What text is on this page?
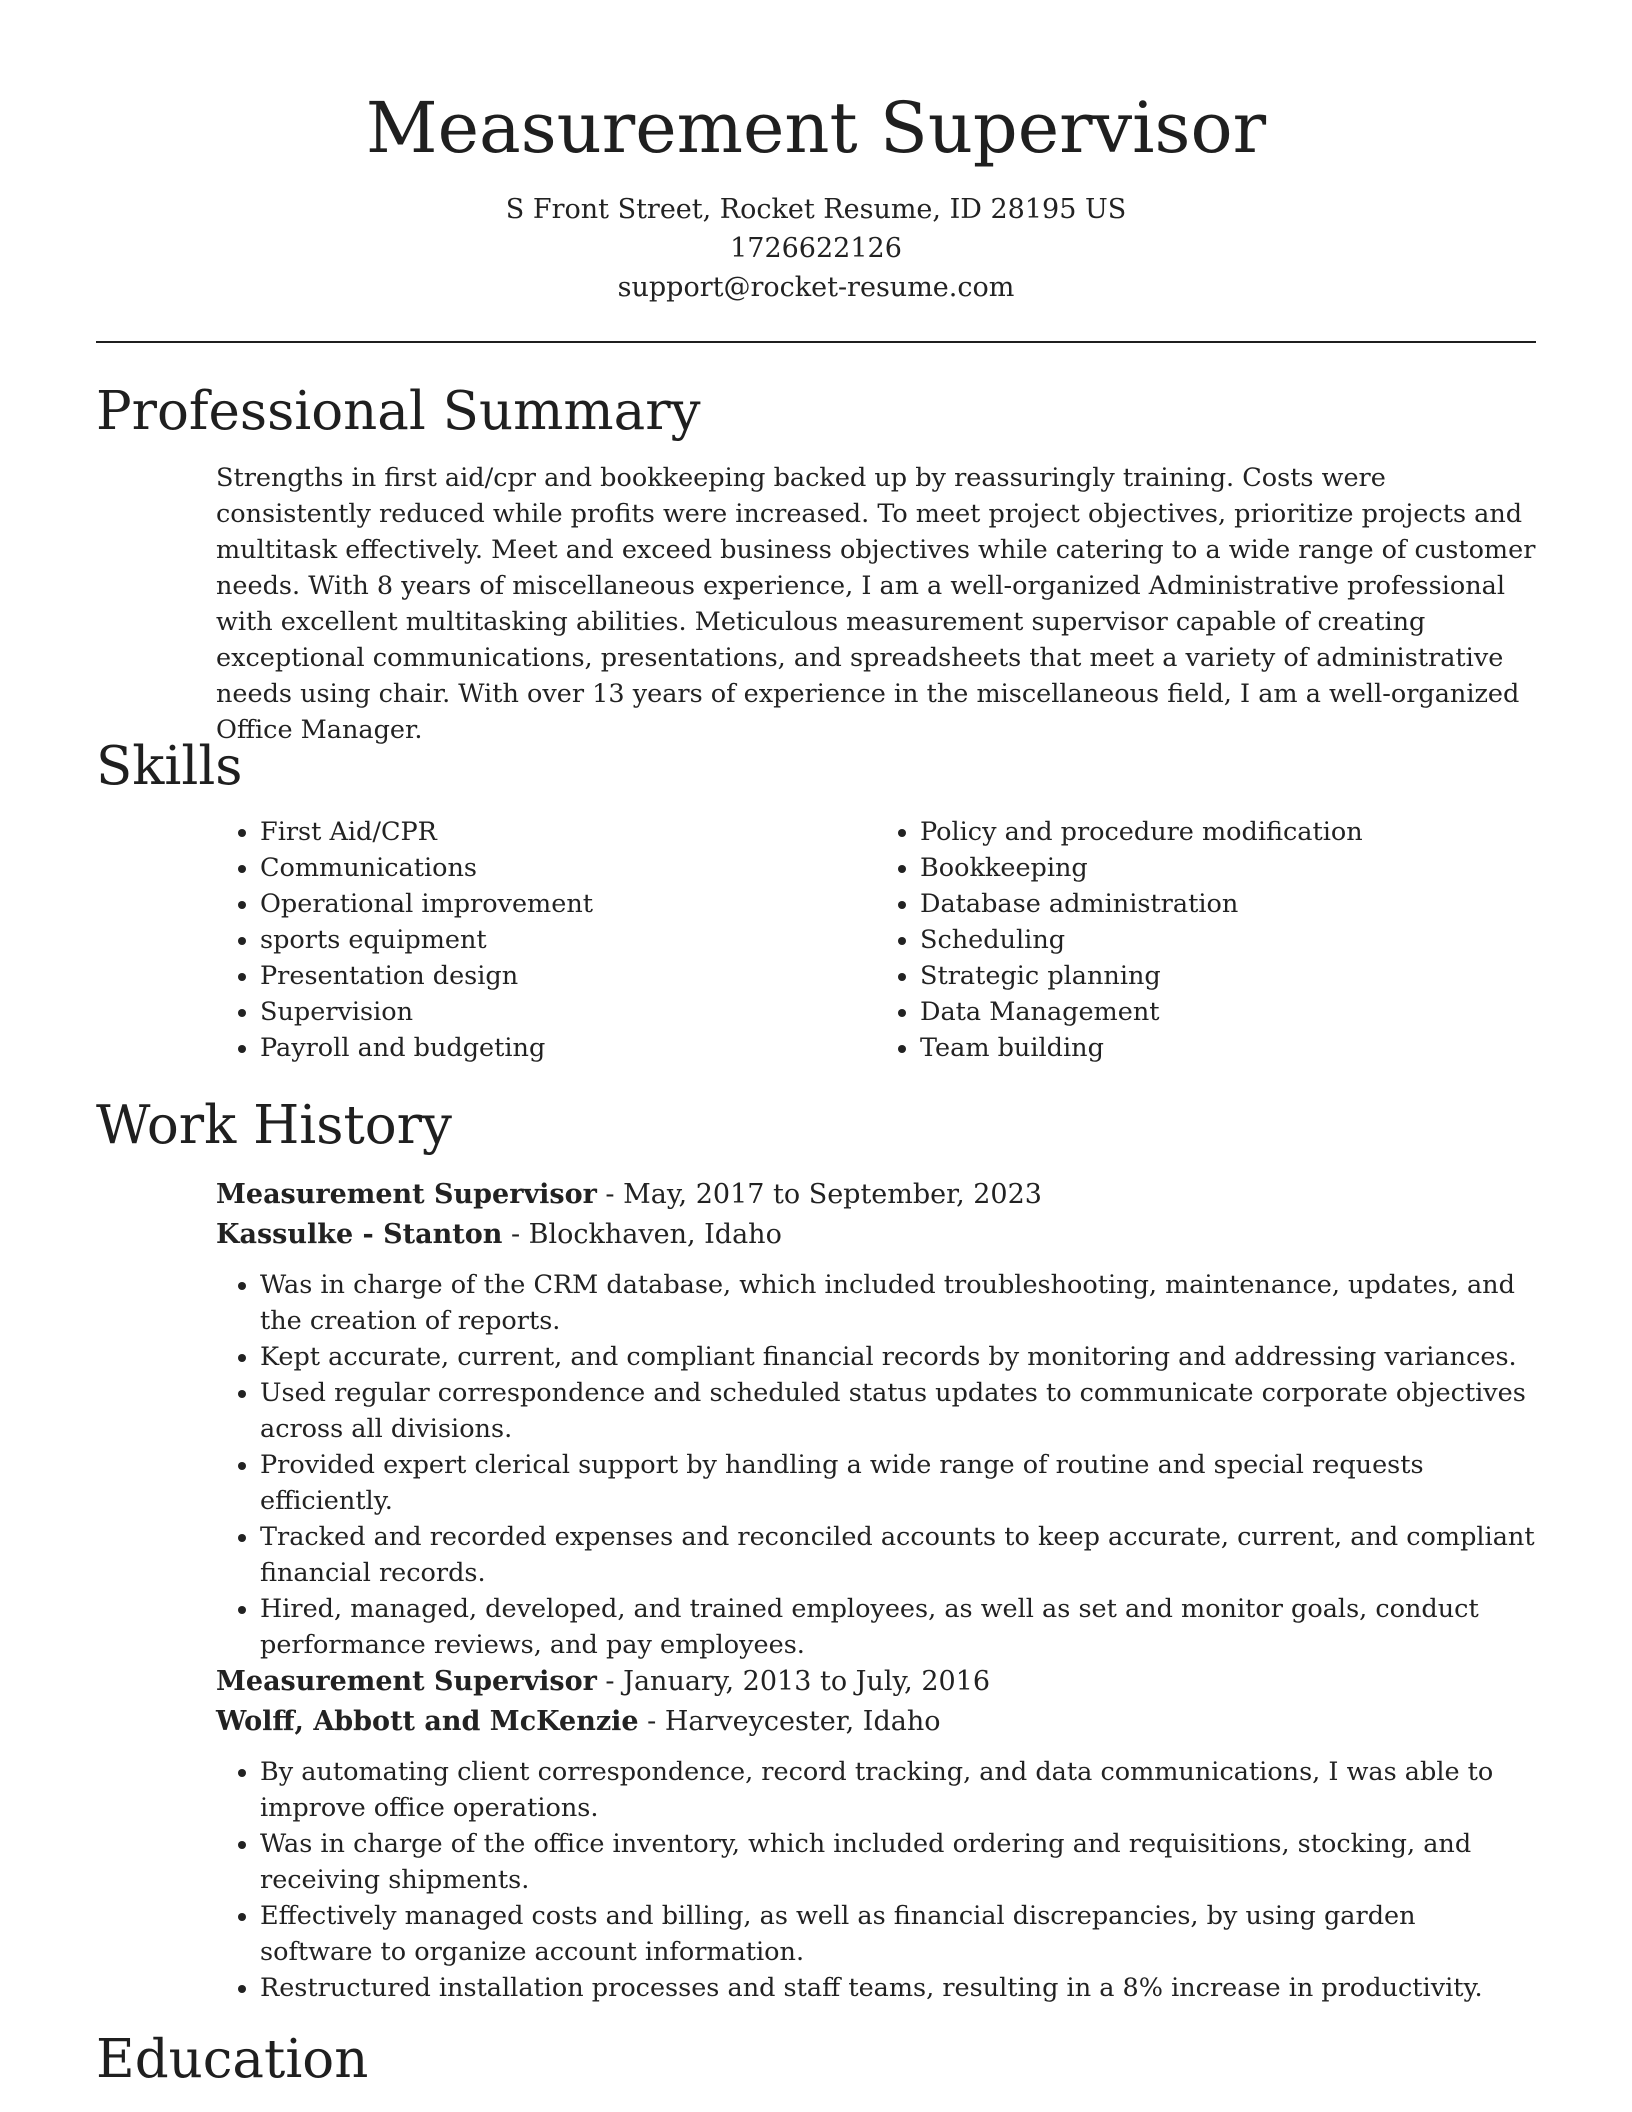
Measurement Supervisor
S Front Street, Rocket Resume, ID 28195 US
1726622126
support@rocket-resume.com
Professional Summary

Strengths in first aid/cpr and bookkeeping backed up by reassuringly training. Costs were consistently reduced while profits were increased. To meet project objectives, prioritize projects and multitask effectively. Meet and exceed business objectives while catering to a wide range of customer needs. With 8 years of miscellaneous experience, I am a well-organized Administrative professional with excellent multitasking abilities. Meticulous measurement supervisor capable of creating exceptional communications, presentations, and spreadsheets that meet a variety of administrative needs using chair. With over 13 years of experience in the miscellaneous field, I am a well-organized Office Manager.

Skills
• First Aid/CPR
• Communications
• Operational improvement
• sports equipment
• Presentation design
• Supervision
• Payroll and budgeting
• Policy and procedure modification
• Bookkeeping
• Database administration
• Scheduling
• Strategic planning
• Data Management
• Team building
Work History
Measurement Supervisor - May, 2017 to September, 2023
Kassulke - Stanton - Blockhaven, Idaho
• Was in charge of the CRM database, which included troubleshooting, maintenance, updates, and the creation of reports.
• Kept accurate, current, and compliant financial records by monitoring and addressing variances.
• Used regular correspondence and scheduled status updates to communicate corporate objectives across all divisions.
• Provided expert clerical support by handling a wide range of routine and special requests efficiently.
• Tracked and recorded expenses and reconciled accounts to keep accurate, current, and compliant financial records.
• Hired, managed, developed, and trained employees, as well as set and monitor goals, conduct performance reviews, and pay employees.
Measurement Supervisor - January, 2013 to July, 2016
Wolff, Abbott and McKenzie - Harveycester, Idaho
• By automating client correspondence, record tracking, and data communications, I was able to improve office operations.
• Was in charge of the office inventory, which included ordering and requisitions, stocking, and receiving shipments.
• Effectively managed costs and billing, as well as financial discrepancies, by using garden software to organize account information.
• Restructured installation processes and staff teams, resulting in a 8% increase in productivity.
Education
